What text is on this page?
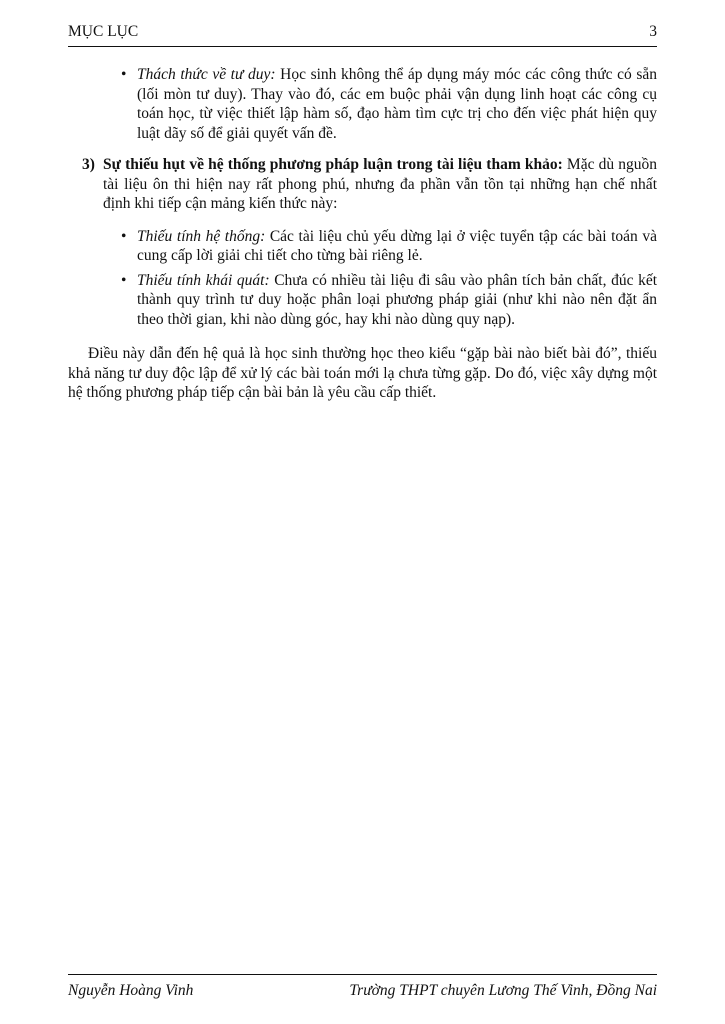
MỤC LỤC	3
• Thách thức về tư duy: Học sinh không thể áp dụng máy móc các công thức có sẵn (lối mòn tư duy). Thay vào đó, các em buộc phải vận dụng linh hoạt các công cụ toán học, từ việc thiết lập hàm số, đạo hàm tìm cực trị cho đến việc phát hiện quy luật dãy số để giải quyết vấn đề.
3) Sự thiếu hụt về hệ thống phương pháp luận trong tài liệu tham khảo: Mặc dù nguồn tài liệu ôn thi hiện nay rất phong phú, nhưng đa phần vẫn tồn tại những hạn chế nhất định khi tiếp cận mảng kiến thức này:
• Thiếu tính hệ thống: Các tài liệu chủ yếu dừng lại ở việc tuyển tập các bài toán và cung cấp lời giải chi tiết cho từng bài riêng lẻ.
• Thiếu tính khái quát: Chưa có nhiều tài liệu đi sâu vào phân tích bản chất, đúc kết thành quy trình tư duy hoặc phân loại phương pháp giải (như khi nào nên đặt ẩn theo thời gian, khi nào dùng góc, hay khi nào dùng quy nạp).

Điều này dẫn đến hệ quả là học sinh thường học theo kiểu “gặp bài nào biết bài đó”, thiếu khả năng tư duy độc lập để xử lý các bài toán mới lạ chưa từng gặp. Do đó, việc xây dựng một hệ thống phương pháp tiếp cận bài bản là yêu cầu cấp thiết.

Nguyễn Hoàng Vinh	Trường THPT chuyên Lương Thế Vinh, Đồng Nai
